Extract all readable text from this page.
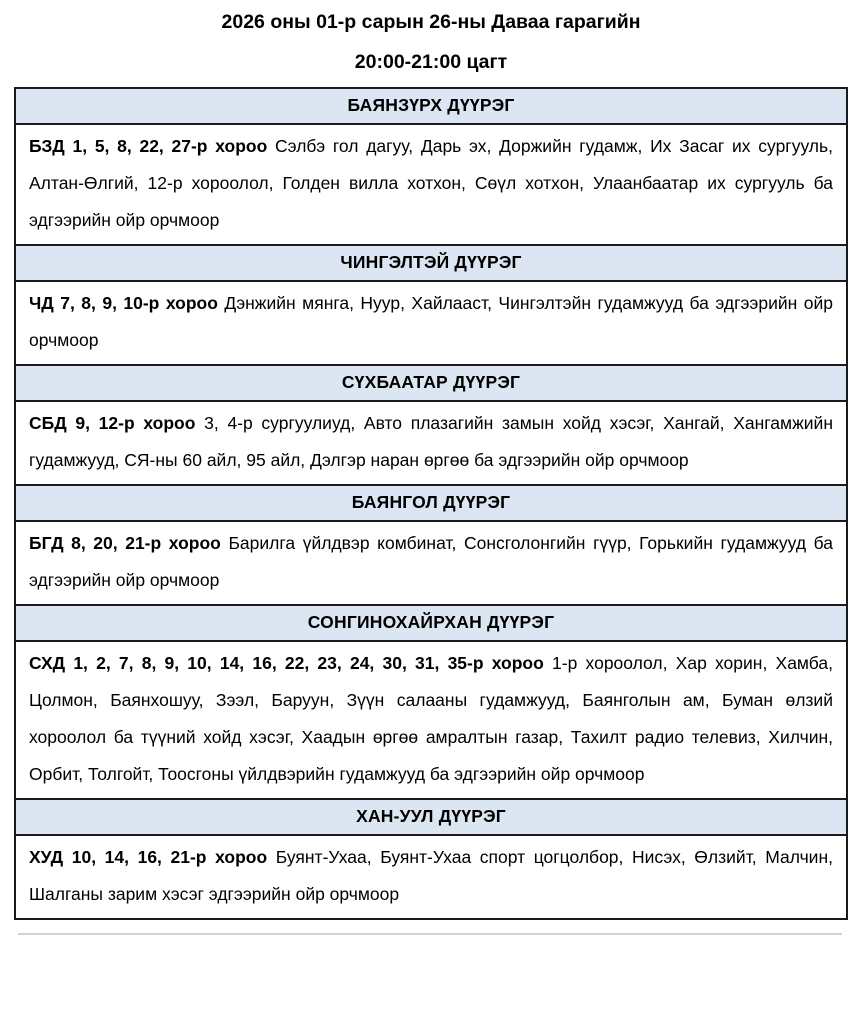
2026 оны 01-р сарын 26-ны Даваа гарагийн
20:00-21:00 цагт
БАЯНЗҮРХ ДҮҮРЭГ
БЗД 1, 5, 8, 22, 27-р хороо Сэлбэ гол дагуу, Дарь эх, Доржийн гудамж, Их Засаг их сургууль, Алтан-Өлгий, 12-р хороолол, Голден вилла хотхон, Сөүл хотхон, Улаанбаатар их сургууль ба эдгээрийн ойр орчмоор
ЧИНГЭЛТЭЙ ДҮҮРЭГ
ЧД 7, 8, 9, 10-р хороо Дэнжийн мянга, Нуур, Хайлааст, Чингэлтэйн гудамжууд ба эдгээрийн ойр орчмоор
СҮХБААТАР ДҮҮРЭГ
СБД 9, 12-р хороо 3, 4-р сургуулиуд, Авто плазагийн замын хойд хэсэг, Хангай, Хангамжийн гудамжууд, СЯ-ны 60 айл, 95 айл, Дэлгэр наран өргөө ба эдгээрийн ойр орчмоор
БАЯНГОЛ ДҮҮРЭГ
БГД 8, 20, 21-р хороо Барилга үйлдвэр комбинат, Сонсголонгийн гүүр, Горькийн гудамжууд ба эдгээрийн ойр орчмоор
СОНГИНОХАЙРХАН ДҮҮРЭГ
СХД 1, 2, 7, 8, 9, 10, 14, 16, 22, 23, 24, 30, 31, 35-р хороо 1-р хороолол, Хар хорин, Хамба, Цолмон, Баянхошуу, Зээл, Баруун, Зүүн салааны гудамжууд, Баянголын ам, Буман өлзий хороолол ба түүний хойд хэсэг, Хаадын өргөө амралтын газар, Тахилт радио телевиз, Хилчин, Орбит, Толгойт, Тоосгоны үйлдвэрийн гудамжууд ба эдгээрийн ойр орчмоор
ХАН-УУЛ ДҮҮРЭГ
ХУД 10, 14, 16, 21-р хороо Буянт-Ухаа, Буянт-Ухаа спорт цогцолбор, Нисэх, Өлзийт, Малчин, Шалганы зарим хэсэг эдгээрийн ойр орчмоор
